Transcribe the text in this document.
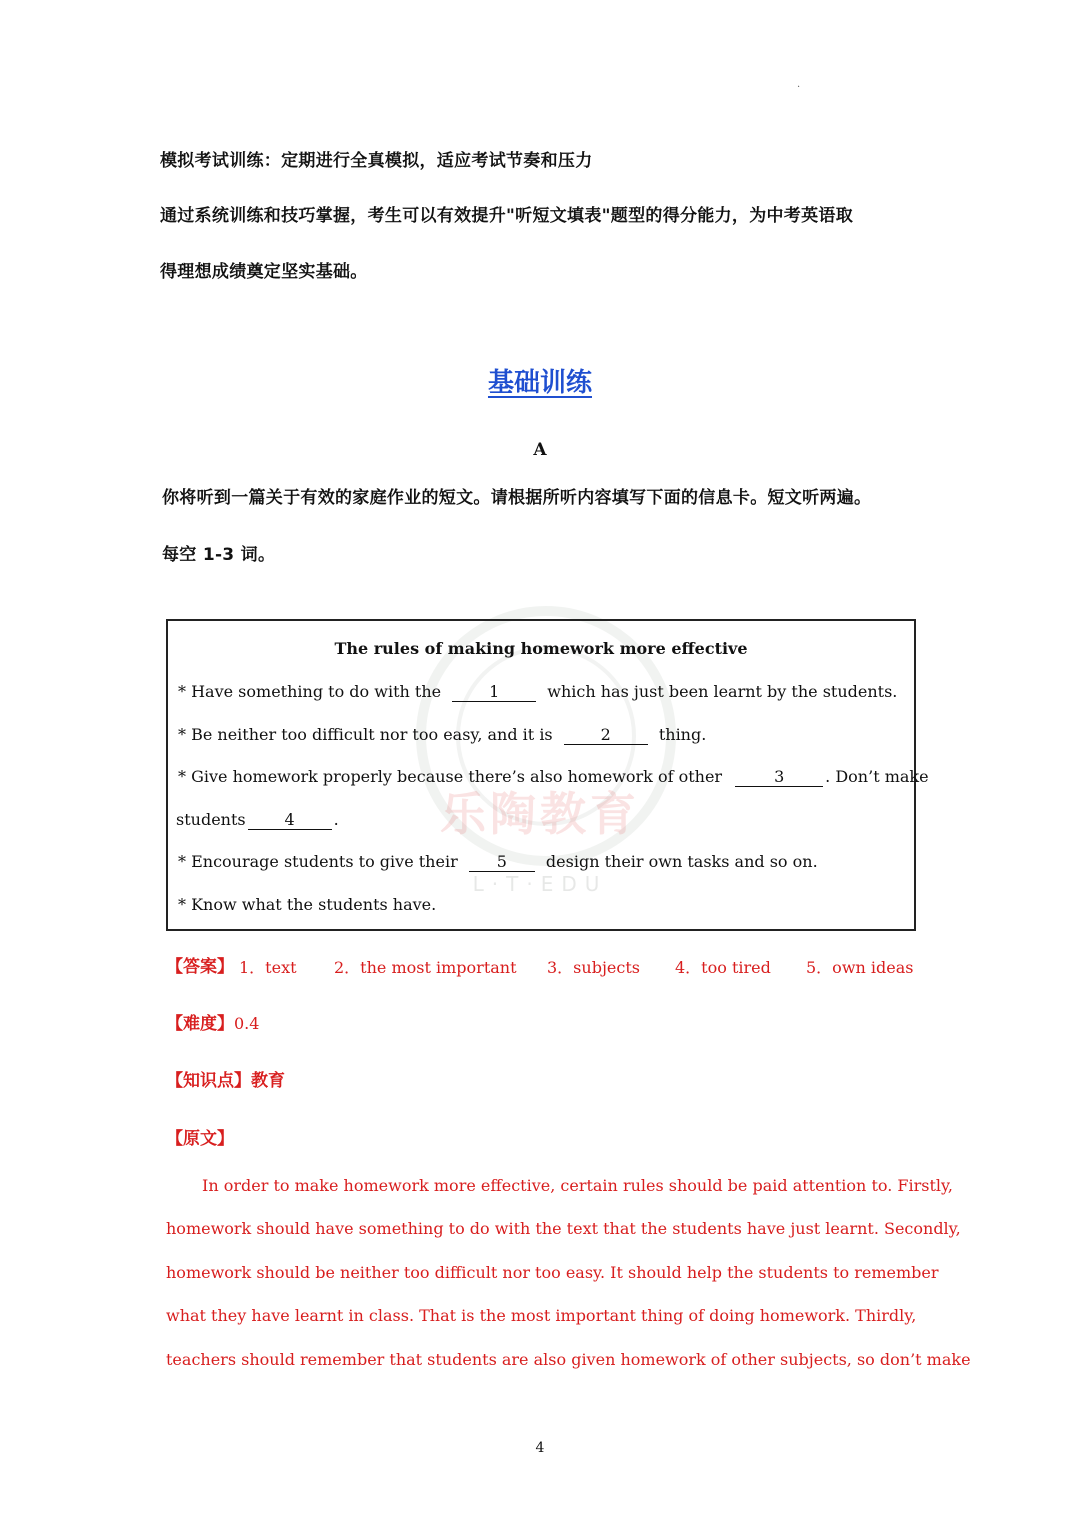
·
模拟考试训练：定期进行全真模拟，适应考试节奏和压力
通过系统训练和技巧掌握，考生可以有效提升"听短文填表"题型的得分能力，为中考英语取
得理想成绩奠定坚实基础。
基础训练
A
你将听到一篇关于有效的家庭作业的短文。请根据所听内容填写下面的信息卡。短文听两遍。
每空 1-3 词。
乐陶教育
L·T·EDU
The rules of making homework more effective
* Have something to do with the	1	which has just been learnt by the students.
* Be neither too difficult nor too easy, and it is	2	thing.
* Give homework properly because there’s also homework of other	3	. Don’t make
students 4 .
* Encourage students to give their 5 design their own tasks and so on.
* Know what the students have.
【答案】 1．text 2．the most important 3．subjects 4．too tired 5．own ideas
【难度】0.4
【知识点】教育
【原文】
In order to make homework more effective, certain rules should be paid attention to. Firstly,
homework should have something to do with the text that the students have just learnt. Secondly,
homework should be neither too difficult nor too easy. It should help the students to remember
what they have learnt in class. That is the most important thing of doing homework. Thirdly,
teachers should remember that students are also given homework of other subjects, so don’t make
4
